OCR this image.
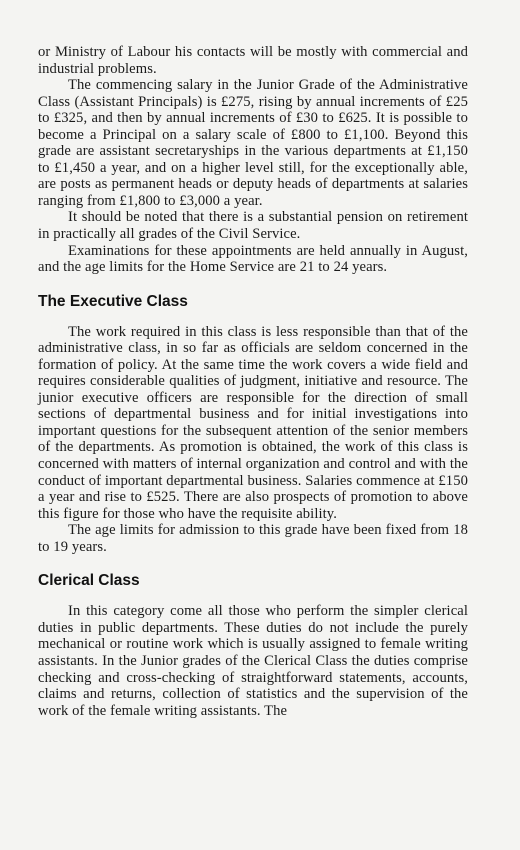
or Ministry of Labour his contacts will be mostly with commercial and industrial problems.

The commencing salary in the Junior Grade of the Administrative Class (Assistant Principals) is £275, rising by annual increments of £25 to £325, and then by annual increments of £30 to £625. It is possible to become a Principal on a salary scale of £800 to £1,100. Beyond this grade are assistant secretaryships in the various departments at £1,150 to £1,450 a year, and on a higher level still, for the exceptionally able, are posts as permanent heads or deputy heads of departments at salaries ranging from £1,800 to £3,000 a year.

It should be noted that there is a substantial pension on retirement in practically all grades of the Civil Service.

Examinations for these appointments are held annually in August, and the age limits for the Home Service are 21 to 24 years.

The Executive Class

The work required in this class is less responsible than that of the administrative class, in so far as officials are seldom concerned in the formation of policy. At the same time the work covers a wide field and requires considerable qualities of judgment, initiative and resource. The junior executive officers are responsible for the direction of small sections of departmental business and for initial investigations into important questions for the subsequent attention of the senior members of the departments. As promotion is obtained, the work of this class is concerned with matters of internal organization and control and with the conduct of important departmental business. Salaries commence at £150 a year and rise to £525. There are also prospects of promotion to above this figure for those who have the requisite ability.

The age limits for admission to this grade have been fixed from 18 to 19 years.

Clerical Class

In this category come all those who perform the simpler clerical duties in public departments. These duties do not include the purely mechanical or routine work which is usually assigned to female writing assistants. In the Junior grades of the Clerical Class the duties comprise checking and cross-checking of straightforward statements, accounts, claims and returns, collection of statistics and the supervision of the work of the female writing assistants. The
